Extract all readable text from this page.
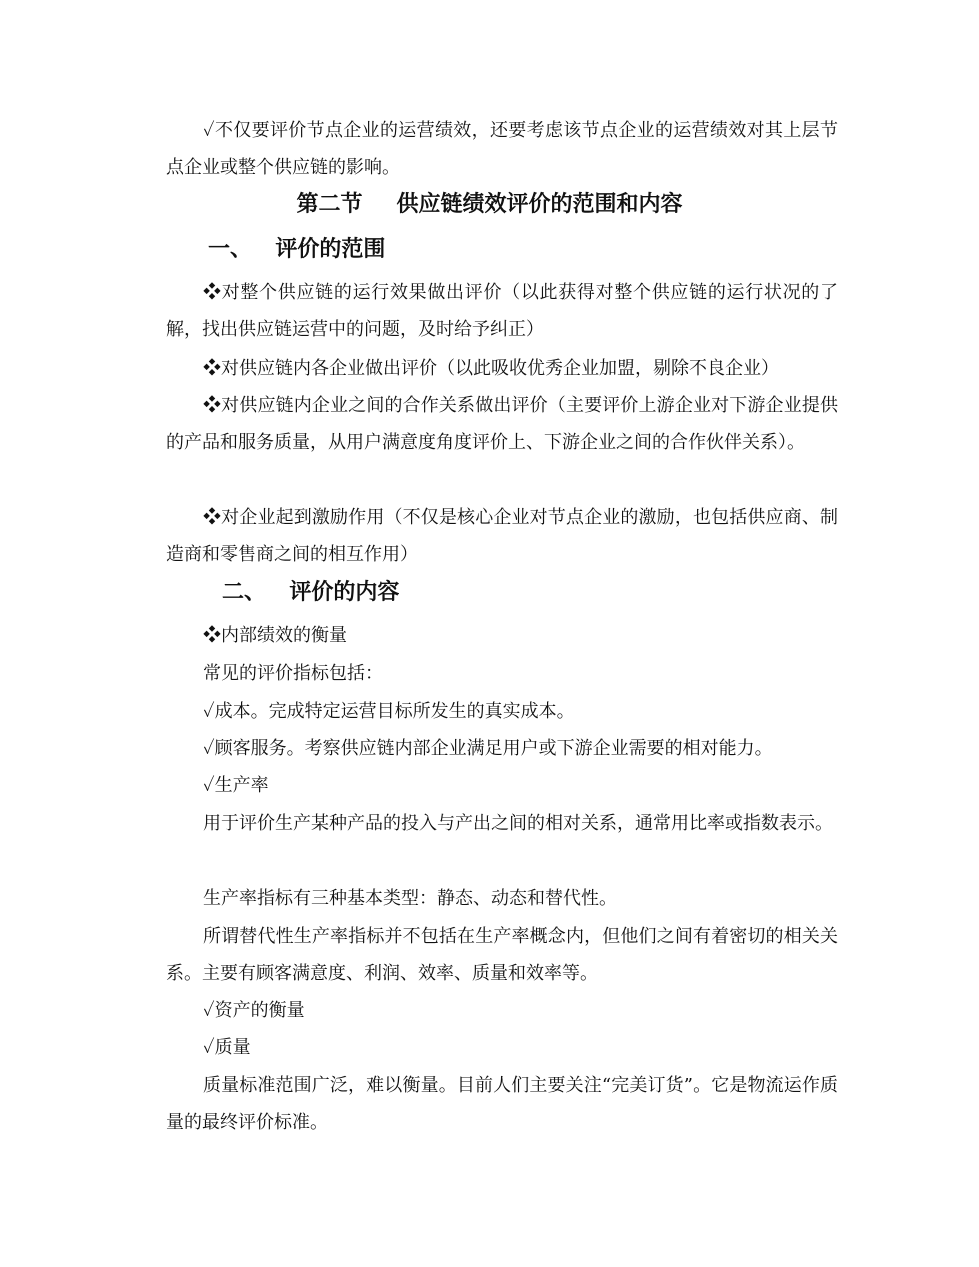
✓不仅要评价节点企业的运营绩效，还要考虑该节点企业的运营绩效对其上层节点企业或整个供应链的影响。
第二节 供应链绩效评价的范围和内容
一、 评价的范围
❖对整个供应链的运行效果做出评价（以此获得对整个供应链的运行状况的了解，找出供应链运营中的问题，及时给予纠正）
❖对供应链内各企业做出评价（以此吸收优秀企业加盟，剔除不良企业）
❖对供应链内企业之间的合作关系做出评价（主要评价上游企业对下游企业提供的产品和服务质量，从用户满意度角度评价上、下游企业之间的合作伙伴关系）。
❖对企业起到激励作用（不仅是核心企业对节点企业的激励，也包括供应商、制造商和零售商之间的相互作用）
二、 评价的内容
❖内部绩效的衡量
常见的评价指标包括：
✓成本。完成特定运营目标所发生的真实成本。
✓顾客服务。考察供应链内部企业满足用户或下游企业需要的相对能力。
✓生产率
用于评价生产某种产品的投入与产出之间的相对关系，通常用比率或指数表示。
生产率指标有三种基本类型：静态、动态和替代性。
所谓替代性生产率指标并不包括在生产率概念内，但他们之间有着密切的相关关系。主要有顾客满意度、利润、效率、质量和效率等。
✓资产的衡量
✓质量
质量标准范围广泛，难以衡量。目前人们主要关注“完美订货”。它是物流运作质量的最终评价标准。
